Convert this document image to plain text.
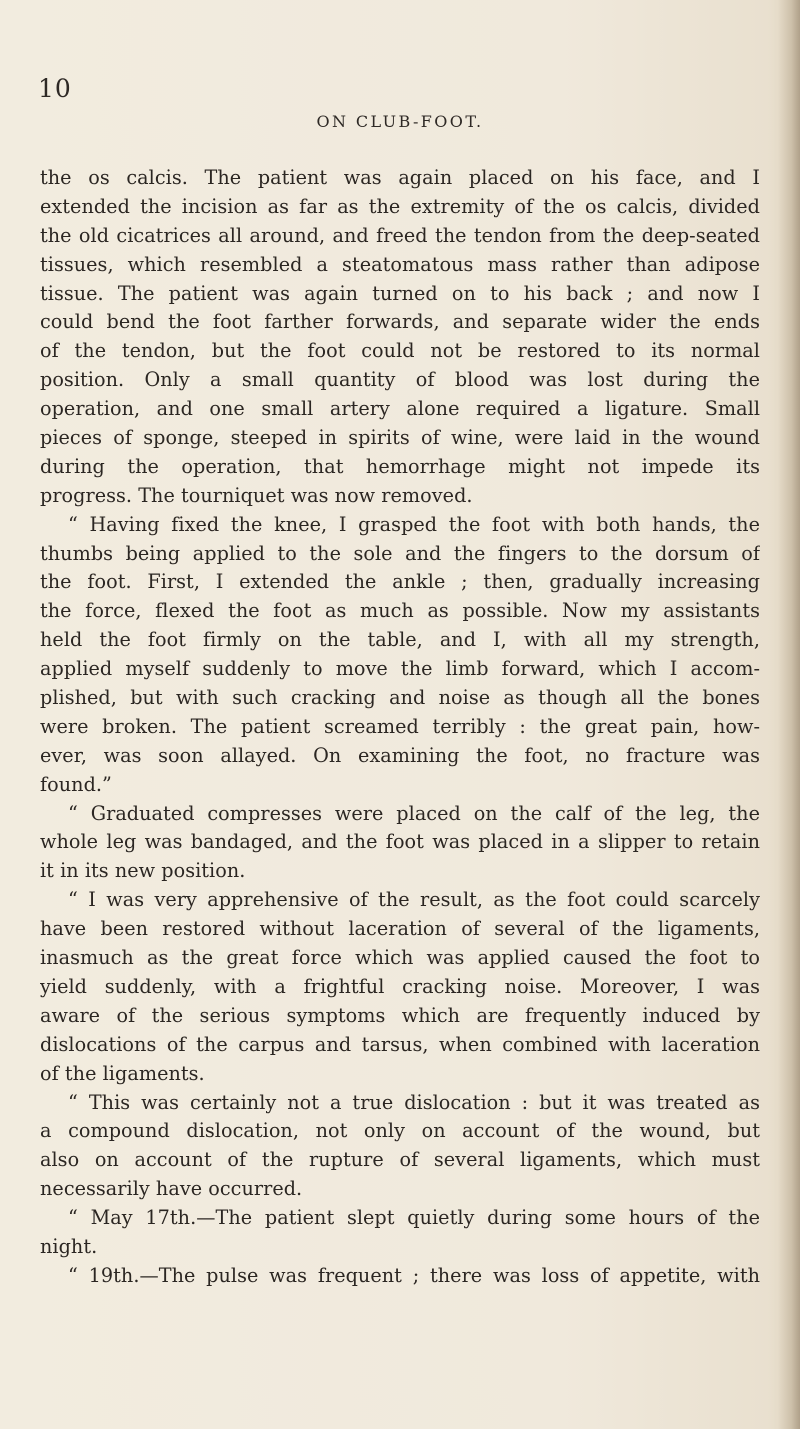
10
ON CLUB-FOOT.
the os calcis. The patient was again placed on his face, and I
extended the incision as far as the extremity of the os calcis, divided
the old cicatrices all around, and freed the tendon from the deep-seated
tissues, which resembled a steatomatous mass rather than adipose
tissue. The patient was again turned on to his back ; and now I
could bend the foot farther forwards, and separate wider the ends
of the tendon, but the foot could not be restored to its normal
position. Only a small quantity of blood was lost during the
operation, and one small artery alone required a ligature. Small
pieces of sponge, steeped in spirits of wine, were laid in the wound
during the operation, that hemorrhage might not impede its
progress. The tourniquet was now removed.
“ Having fixed the knee, I grasped the foot with both hands, the
thumbs being applied to the sole and the fingers to the dorsum of
the foot. First, I extended the ankle ; then, gradually increasing
the force, flexed the foot as much as possible. Now my assistants
held the foot firmly on the table, and I, with all my strength,
applied myself suddenly to move the limb forward, which I accom-
plished, but with such cracking and noise as though all the bones
were broken. The patient screamed terribly : the great pain, how-
ever, was soon allayed. On examining the foot, no fracture was
found.”
“ Graduated compresses were placed on the calf of the leg, the
whole leg was bandaged, and the foot was placed in a slipper to retain
it in its new position.
“ I was very apprehensive of the result, as the foot could scarcely
have been restored without laceration of several of the ligaments,
inasmuch as the great force which was applied caused the foot to
yield suddenly, with a frightful cracking noise. Moreover, I was
aware of the serious symptoms which are frequently induced by
dislocations of the carpus and tarsus, when combined with laceration
of the ligaments.
“ This was certainly not a true dislocation : but it was treated as
a compound dislocation, not only on account of the wound, but
also on account of the rupture of several ligaments, which must
necessarily have occurred.
“ May 17th.—The patient slept quietly during some hours of the
night.
“ 19th.—The pulse was frequent ; there was loss of appetite, with
